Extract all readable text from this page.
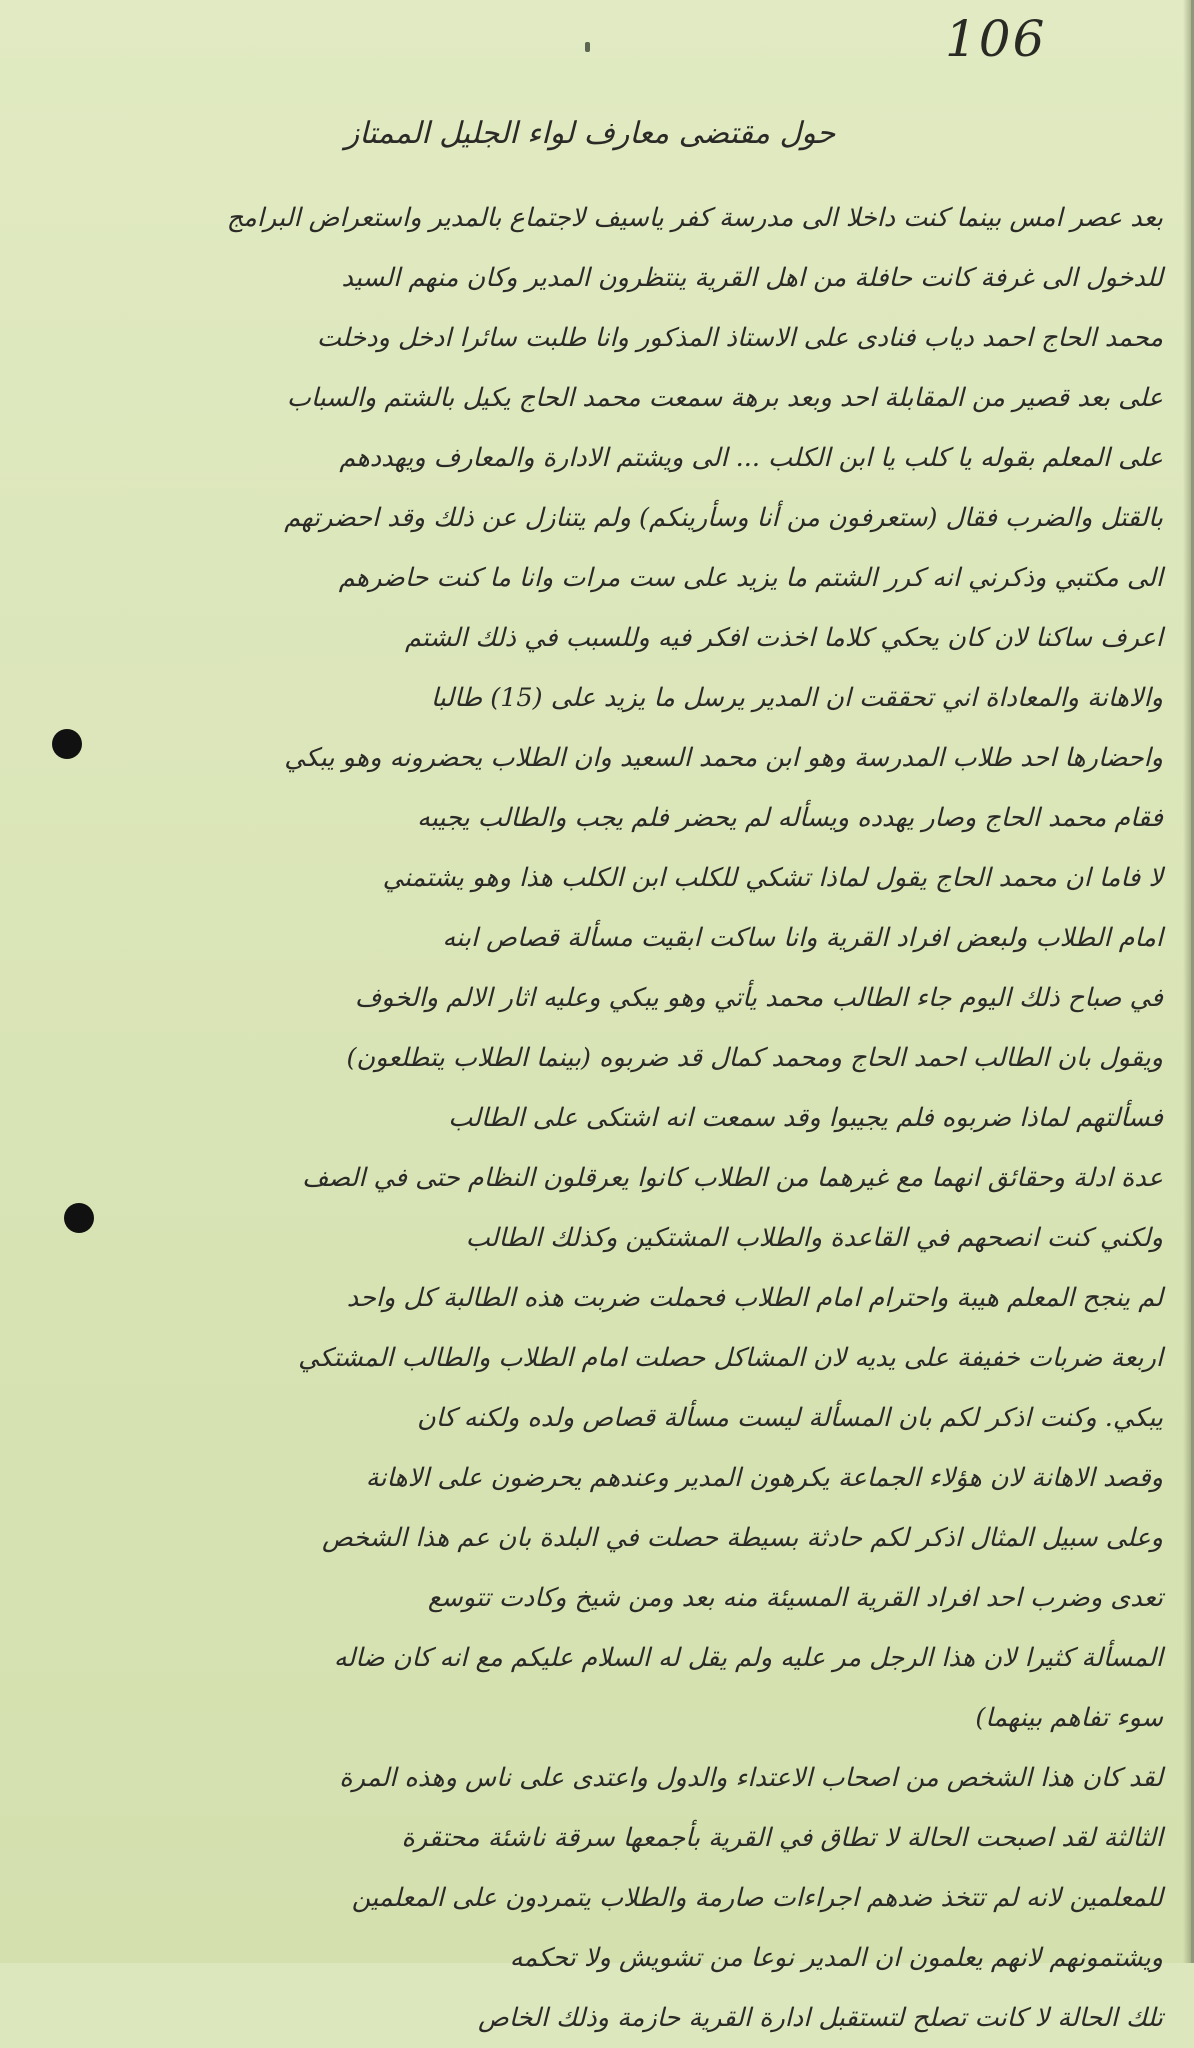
106
حول مقتضى معارف لواء الجليل الممتاز
بعد عصر امس بينما كنت داخلا الى مدرسة كفر ياسيف لاجتماع بالمدير واستعراض البرامج
للدخول الى غرفة كانت حافلة من اهل القرية ينتظرون المدير وكان منهم السيد
محمد الحاج احمد دياب فنادى على الاستاذ المذكور وانا طلبت سائرا ادخل ودخلت
على بعد قصير من المقابلة احد وبعد برهة سمعت محمد الحاج يكيل بالشتم والسباب
على المعلم بقوله يا كلب يا ابن الكلب ... الى ويشتم الادارة والمعارف ويهددهم
بالقتل والضرب فقال (ستعرفون من أنا وسأرينكم) ولم يتنازل عن ذلك وقد احضرتهم
الى مكتبي وذكرني انه كرر الشتم ما يزيد على ست مرات وانا ما كنت حاضرهم
اعرف ساكنا لان كان يحكي كلاما اخذت افكر فيه وللسبب في ذلك الشتم
والاهانة والمعاداة اني تحققت ان المدير يرسل ما يزيد على (15) طالبا
واحضارها احد طلاب المدرسة وهو ابن محمد السعيد وان الطلاب يحضرونه وهو يبكي
فقام محمد الحاج وصار يهدده ويسأله لم يحضر فلم يجب والطالب يجيبه
لا فاما ان محمد الحاج يقول لماذا تشكي للكلب ابن الكلب هذا وهو يشتمني
امام الطلاب ولبعض افراد القرية وانا ساكت ابقيت مسألة قصاص ابنه
في صباح ذلك اليوم جاء الطالب محمد يأتي وهو يبكي وعليه اثار الالم والخوف
ويقول بان الطالب احمد الحاج ومحمد كمال قد ضربوه (بينما الطلاب يتطلعون)
فسألتهم لماذا ضربوه فلم يجيبوا وقد سمعت انه اشتكى على الطالب
عدة ادلة وحقائق انهما مع غيرهما من الطلاب كانوا يعرقلون النظام حتى في الصف
ولكني كنت انصحهم في القاعدة والطلاب المشتكين وكذلك الطالب
لم ينجح المعلم هيبة واحترام امام الطلاب فحملت ضربت هذه الطالبة كل واحد
اربعة ضربات خفيفة على يديه لان المشاكل حصلت امام الطلاب والطالب المشتكي
يبكي. وكنت اذكر لكم بان المسألة ليست مسألة قصاص ولده ولكنه كان
وقصد الاهانة لان هؤلاء الجماعة يكرهون المدير وعندهم يحرضون على الاهانة
وعلى سبيل المثال اذكر لكم حادثة بسيطة حصلت في البلدة بان عم هذا الشخص
تعدى وضرب احد افراد القرية المسيئة منه بعد ومن شيخ وكادت تتوسع
المسألة كثيرا لان هذا الرجل مر عليه ولم يقل له السلام عليكم مع انه كان ضاله
سوء تفاهم بينهما)
لقد كان هذا الشخص من اصحاب الاعتداء والدول واعتدى على ناس وهذه المرة
الثالثة لقد اصبحت الحالة لا تطاق في القرية بأجمعها سرقة ناشئة محتقرة
للمعلمين لانه لم تتخذ ضدهم اجراءات صارمة والطلاب يتمردون على المعلمين
ويشتمونهم لانهم يعلمون ان المدير نوعا من تشويش ولا تحكمه
تلك الحالة لا كانت تصلح لتستقبل ادارة القرية حازمة وذلك الخاص
